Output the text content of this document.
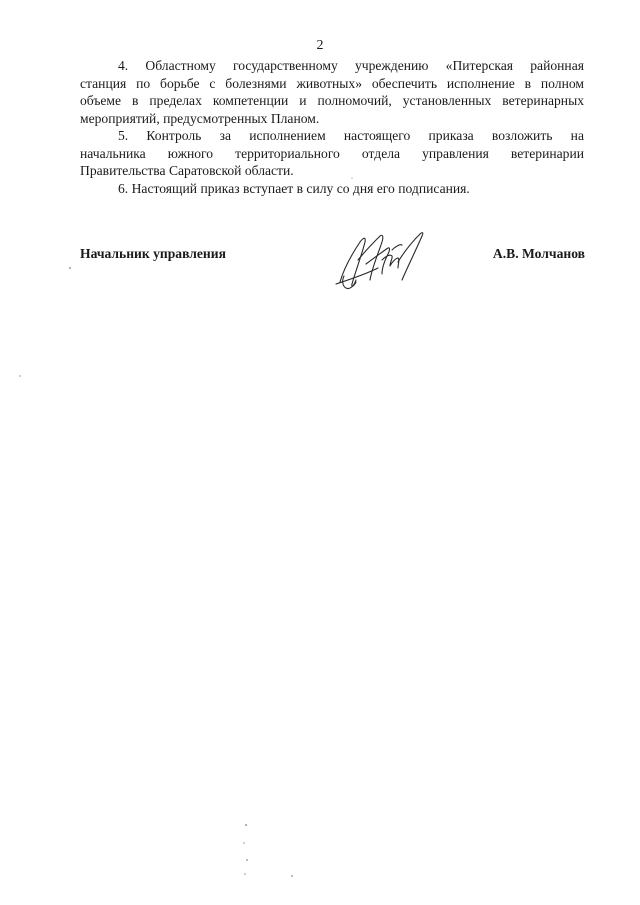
2
4. Областному государственному учреждению «Питерская районная
станция по борьбе с болезнями животных» обеспечить исполнение в полном
объеме в пределах компетенции и полномочий, установленных ветеринарных
мероприятий, предусмотренных Планом.
5. Контроль за исполнением настоящего приказа возложить на
начальника южного территориального отдела управления ветеринарии
Правительства Саратовской области.
6. Настоящий приказ вступает в силу со дня его подписания.
Начальник управления	А.В. Молчанов
